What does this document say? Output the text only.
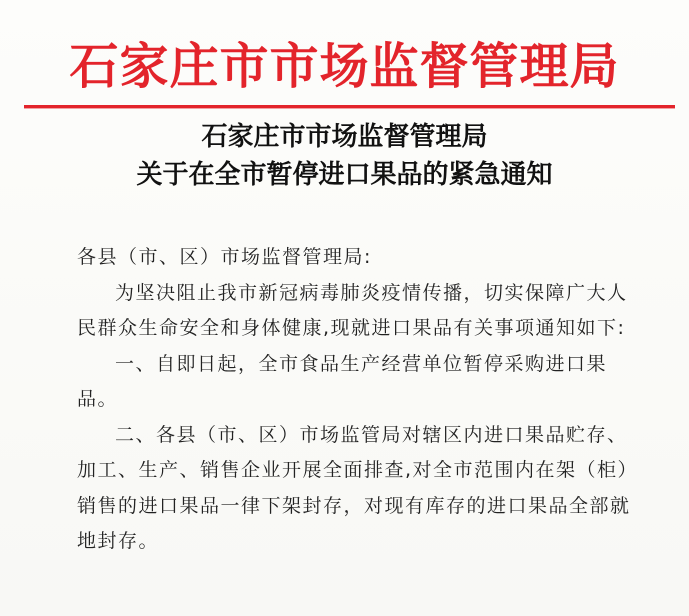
石家庄市市场监督管理局
石家庄市市场监督管理局
关于在全市暂停进口果品的紧急通知

各县（市、区）市场监督管理局:

为坚决阻止我市新冠病毒肺炎疫情传播，切实保障广大人民群众生命安全和身体健康,现就进口果品有关事项通知如下:

一、自即日起，全市食品生产经营单位暂停采购进口果品。

二、各县（市、区）市场监管局对辖区内进口果品贮存、加工、生产、销售企业开展全面排查,对全市范围内在架（柜）销售的进口果品一律下架封存，对现有库存的进口果品全部就地封存。
